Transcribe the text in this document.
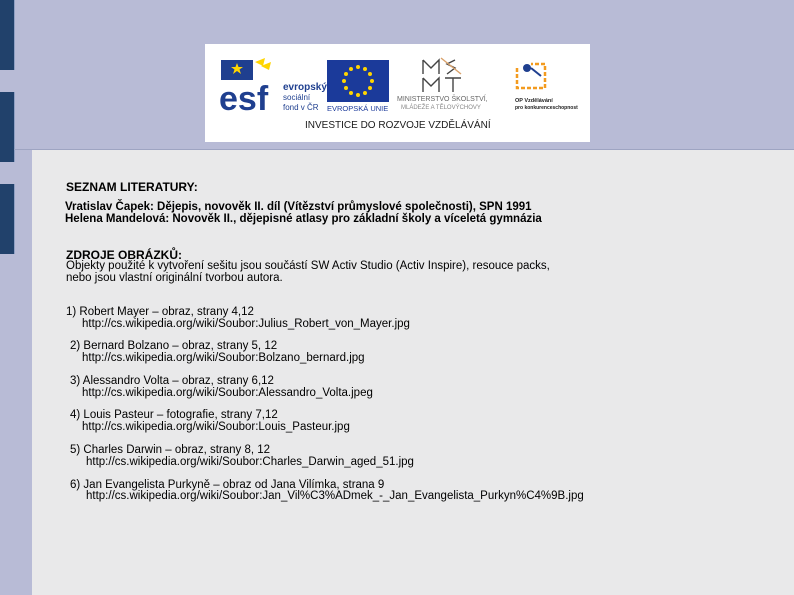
esf evropský
sociální
fond v ČR EVROPSKÁ UNIE
MINISTERSTVO ŠKOLSTVÍ,
MLÁDEŽE A TĚLOVÝCHOVY
OP Vzdělávání
pro konkurenceschopnost
INVESTICE DO ROZVOJE VZDĚLÁVÁNÍ
SEZNAM LITERATURY:
Vratislav Čapek: Dějepis, novověk II. díl (Vítězství průmyslové společnosti), SPN 1991
Helena Mandelová: Novověk II., dějepisné atlasy pro základní školy a víceletá gymnázia
ZDROJE OBRÁZKŮ:
Objekty použité k vytvoření sešitu jsou součástí SW Activ Studio (Activ Inspire), resouce packs,
nebo jsou vlastní originální tvorbou autora.
1) Robert Mayer – obraz, strany 4,12
http://cs.wikipedia.org/wiki/Soubor:Julius_Robert_von_Mayer.jpg
2) Bernard Bolzano – obraz, strany 5, 12
http://cs.wikipedia.org/wiki/Soubor:Bolzano_bernard.jpg
3) Alessandro Volta – obraz, strany 6,12
http://cs.wikipedia.org/wiki/Soubor:Alessandro_Volta.jpeg
4) Louis Pasteur – fotografie, strany 7,12
http://cs.wikipedia.org/wiki/Soubor:Louis_Pasteur.jpg
5) Charles Darwin – obraz, strany 8, 12
http://cs.wikipedia.org/wiki/Soubor:Charles_Darwin_aged_51.jpg
6) Jan Evangelista Purkyně – obraz od Jana Vilímka, strana 9
http://cs.wikipedia.org/wiki/Soubor:Jan_Vil%C3%ADmek_-_Jan_Evangelista_Purkyn%C4%9B.jpg
